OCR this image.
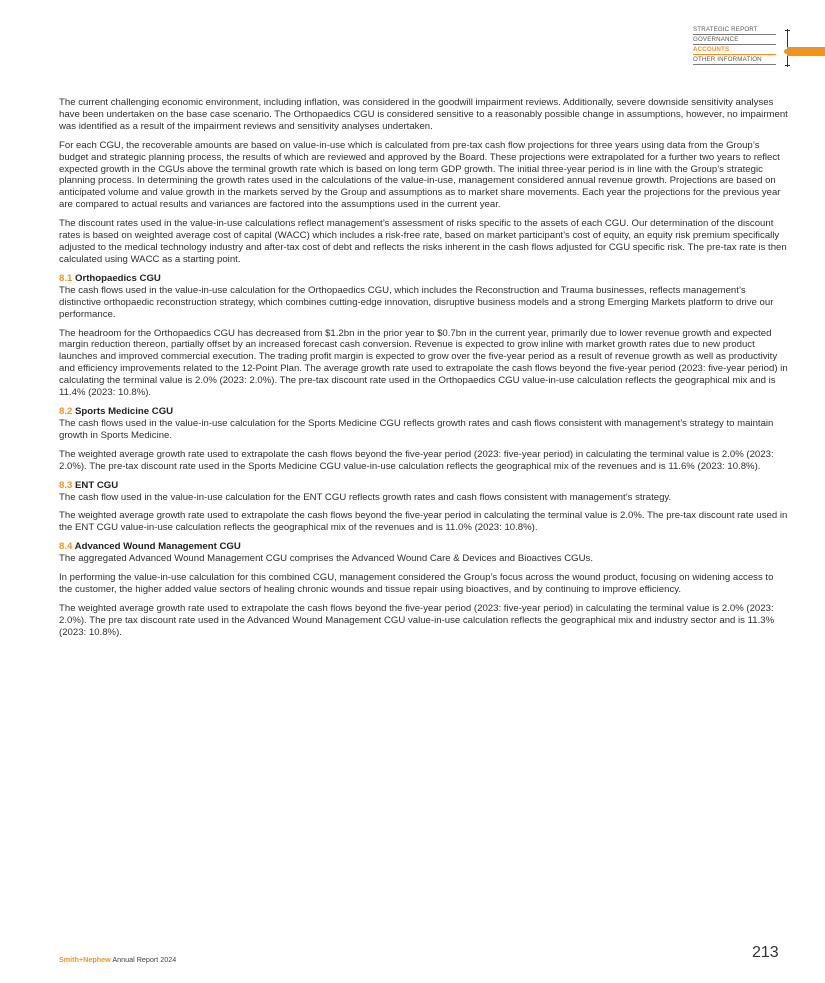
STRATEGIC REPORT
GOVERNANCE
ACCOUNTS
OTHER INFORMATION

The current challenging economic environment, including inflation, was considered in the goodwill impairment reviews. Additionally, severe downside sensitivity analyses have been undertaken on the base case scenario. The Orthopaedics CGU is considered sensitive to a reasonably possible change in assumptions, however, no impairment was identified as a result of the impairment reviews and sensitivity analyses undertaken.

For each CGU, the recoverable amounts are based on value-in-use which is calculated from pre-tax cash flow projections for three years using data from the Group’s budget and strategic planning process, the results of which are reviewed and approved by the Board. These projections were extrapolated for a further two years to reflect expected growth in the CGUs above the terminal growth rate which is based on long term GDP growth. The initial three-year period is in line with the Group’s strategic planning process. In determining the growth rates used in the calculations of the value-in-use, management considered annual revenue growth. Projections are based on anticipated volume and value growth in the markets served by the Group and assumptions as to market share movements. Each year the projections for the previous year are compared to actual results and variances are factored into the assumptions used in the current year.

The discount rates used in the value-in-use calculations reflect management’s assessment of risks specific to the assets of each CGU. Our determination of the discount rates is based on weighted average cost of capital (WACC) which includes a risk-free rate, based on market participant’s cost of equity, an equity risk premium specifically adjusted to the medical technology industry and after-tax cost of debt and reflects the risks inherent in the cash flows adjusted for CGU specific risk. The pre-tax rate is then calculated using WACC as a starting point.

8.1 Orthopaedics CGU

The cash flows used in the value-in-use calculation for the Orthopaedics CGU, which includes the Reconstruction and Trauma businesses, reflects management’s distinctive orthopaedic reconstruction strategy, which combines cutting-edge innovation, disruptive business models and a strong Emerging Markets platform to drive our performance.

The headroom for the Orthopaedics CGU has decreased from $1.2bn in the prior year to $0.7bn in the current year, primarily due to lower revenue growth and expected margin reduction thereon, partially offset by an increased forecast cash conversion. Revenue is expected to grow inline with market growth rates due to new product launches and improved commercial execution. The trading profit margin is expected to grow over the five-year period as a result of revenue growth as well as productivity and efficiency improvements related to the 12-Point Plan. The average growth rate used to extrapolate the cash flows beyond the five-year period (2023: five-year period) in calculating the terminal value is 2.0% (2023: 2.0%). The pre-tax discount rate used in the Orthopaedics CGU value-in-use calculation reflects the geographical mix and is 11.4% (2023: 10.8%).

8.2 Sports Medicine CGU

The cash flows used in the value-in-use calculation for the Sports Medicine CGU reflects growth rates and cash flows consistent with management’s strategy to maintain growth in Sports Medicine.

The weighted average growth rate used to extrapolate the cash flows beyond the five-year period (2023: five-year period) in calculating the terminal value is 2.0% (2023: 2.0%). The pre-tax discount rate used in the Sports Medicine CGU value-in-use calculation reflects the geographical mix of the revenues and is 11.6% (2023: 10.8%).

8.3 ENT CGU

The cash flow used in the value-in-use calculation for the ENT CGU reflects growth rates and cash flows consistent with management’s strategy.

The weighted average growth rate used to extrapolate the cash flows beyond the five-year period in calculating the terminal value is 2.0%. The pre-tax discount rate used in the ENT CGU value-in-use calculation reflects the geographical mix of the revenues and is 11.0% (2023: 10.8%).

8.4 Advanced Wound Management CGU

The aggregated Advanced Wound Management CGU comprises the Advanced Wound Care & Devices and Bioactives CGUs.

In performing the value-in-use calculation for this combined CGU, management considered the Group’s focus across the wound product, focusing on widening access to the customer, the higher added value sectors of healing chronic wounds and tissue repair using bioactives, and by continuing to improve efficiency.

The weighted average growth rate used to extrapolate the cash flows beyond the five-year period (2023: five-year period) in calculating the terminal value is 2.0% (2023: 2.0%). The pre tax discount rate used in the Advanced Wound Management CGU value-in-use calculation reflects the geographical mix and industry sector and is 11.3% (2023: 10.8%).

Smith+Nephew Annual Report 2024	213
